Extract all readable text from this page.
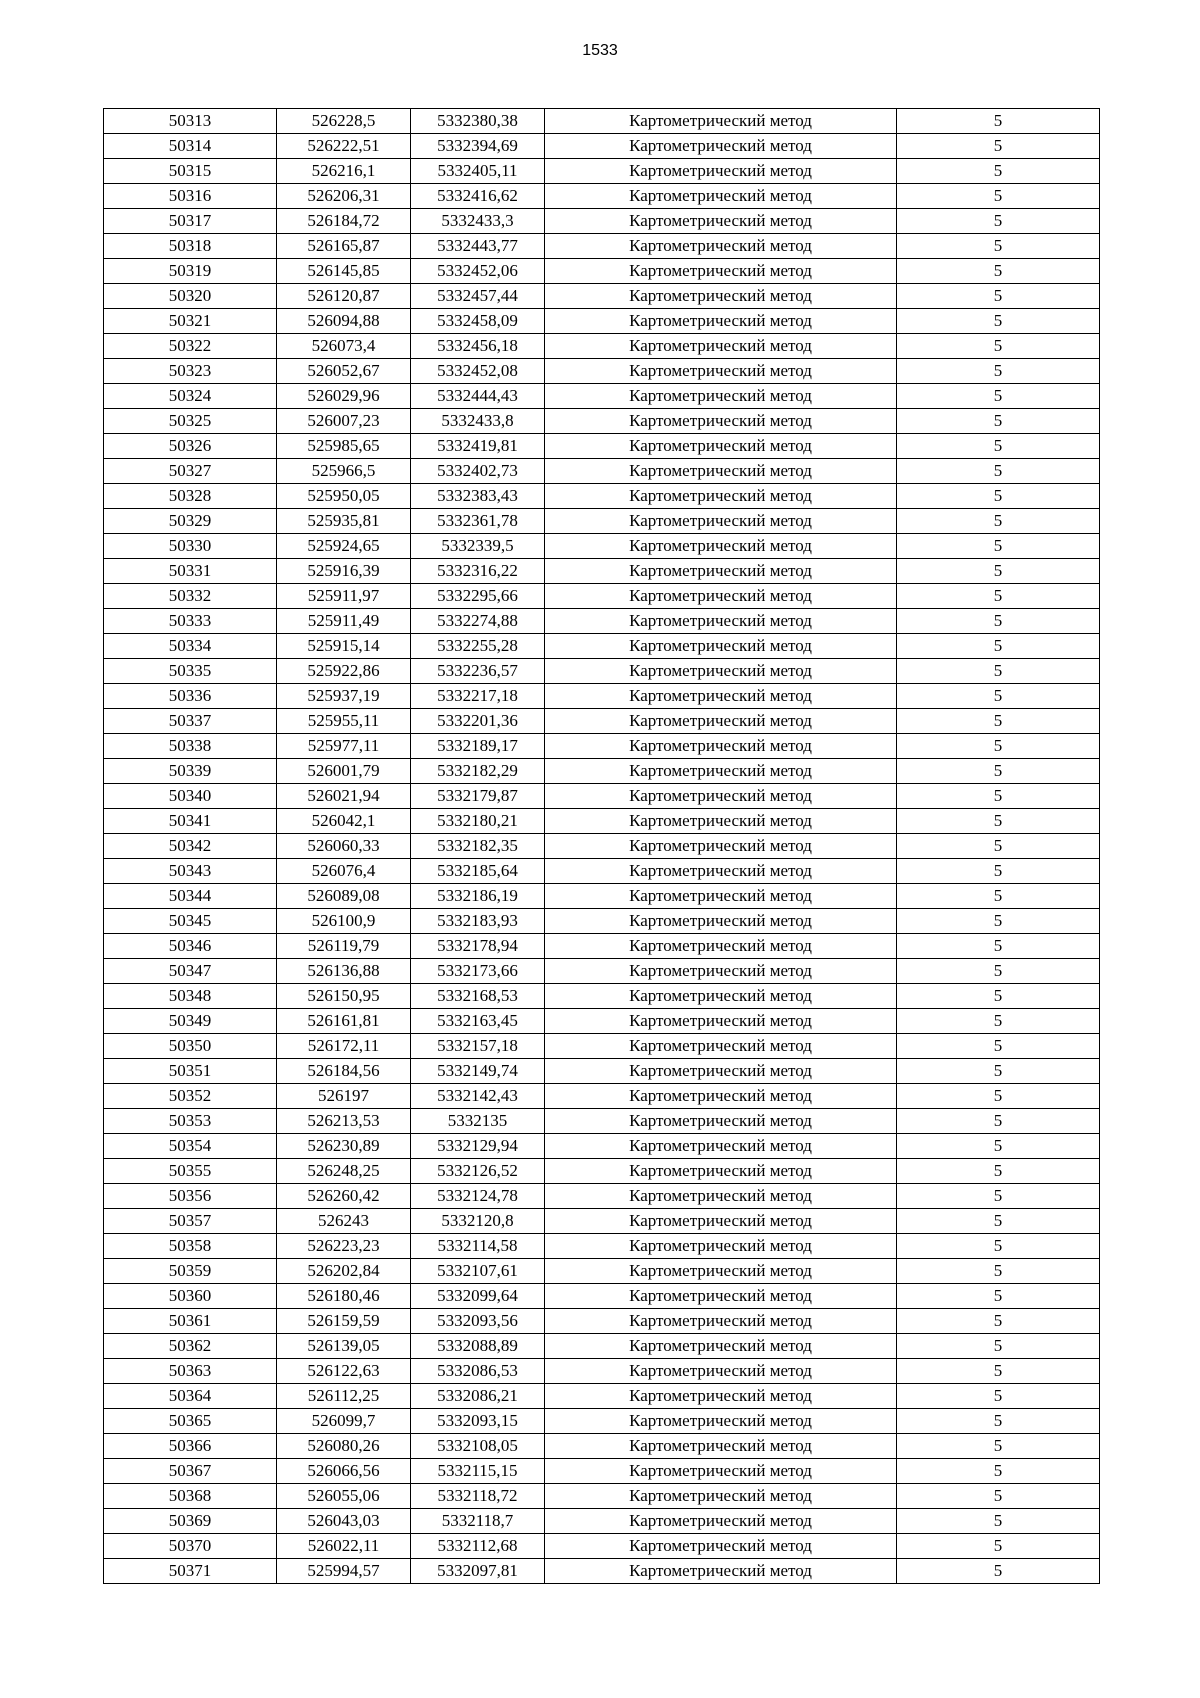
1533
50313	526228,5	5332380,38	Картометрический метод	5
50314	526222,51	5332394,69	Картометрический метод	5
50315	526216,1	5332405,11	Картометрический метод	5
50316	526206,31	5332416,62	Картометрический метод	5
50317	526184,72	5332433,3	Картометрический метод	5
50318	526165,87	5332443,77	Картометрический метод	5
50319	526145,85	5332452,06	Картометрический метод	5
50320	526120,87	5332457,44	Картометрический метод	5
50321	526094,88	5332458,09	Картометрический метод	5
50322	526073,4	5332456,18	Картометрический метод	5
50323	526052,67	5332452,08	Картометрический метод	5
50324	526029,96	5332444,43	Картометрический метод	5
50325	526007,23	5332433,8	Картометрический метод	5
50326	525985,65	5332419,81	Картометрический метод	5
50327	525966,5	5332402,73	Картометрический метод	5
50328	525950,05	5332383,43	Картометрический метод	5
50329	525935,81	5332361,78	Картометрический метод	5
50330	525924,65	5332339,5	Картометрический метод	5
50331	525916,39	5332316,22	Картометрический метод	5
50332	525911,97	5332295,66	Картометрический метод	5
50333	525911,49	5332274,88	Картометрический метод	5
50334	525915,14	5332255,28	Картометрический метод	5
50335	525922,86	5332236,57	Картометрический метод	5
50336	525937,19	5332217,18	Картометрический метод	5
50337	525955,11	5332201,36	Картометрический метод	5
50338	525977,11	5332189,17	Картометрический метод	5
50339	526001,79	5332182,29	Картометрический метод	5
50340	526021,94	5332179,87	Картометрический метод	5
50341	526042,1	5332180,21	Картометрический метод	5
50342	526060,33	5332182,35	Картометрический метод	5
50343	526076,4	5332185,64	Картометрический метод	5
50344	526089,08	5332186,19	Картометрический метод	5
50345	526100,9	5332183,93	Картометрический метод	5
50346	526119,79	5332178,94	Картометрический метод	5
50347	526136,88	5332173,66	Картометрический метод	5
50348	526150,95	5332168,53	Картометрический метод	5
50349	526161,81	5332163,45	Картометрический метод	5
50350	526172,11	5332157,18	Картометрический метод	5
50351	526184,56	5332149,74	Картометрический метод	5
50352	526197	5332142,43	Картометрический метод	5
50353	526213,53	5332135	Картометрический метод	5
50354	526230,89	5332129,94	Картометрический метод	5
50355	526248,25	5332126,52	Картометрический метод	5
50356	526260,42	5332124,78	Картометрический метод	5
50357	526243	5332120,8	Картометрический метод	5
50358	526223,23	5332114,58	Картометрический метод	5
50359	526202,84	5332107,61	Картометрический метод	5
50360	526180,46	5332099,64	Картометрический метод	5
50361	526159,59	5332093,56	Картометрический метод	5
50362	526139,05	5332088,89	Картометрический метод	5
50363	526122,63	5332086,53	Картометрический метод	5
50364	526112,25	5332086,21	Картометрический метод	5
50365	526099,7	5332093,15	Картометрический метод	5
50366	526080,26	5332108,05	Картометрический метод	5
50367	526066,56	5332115,15	Картометрический метод	5
50368	526055,06	5332118,72	Картометрический метод	5
50369	526043,03	5332118,7	Картометрический метод	5
50370	526022,11	5332112,68	Картометрический метод	5
50371	525994,57	5332097,81	Картометрический метод	5
